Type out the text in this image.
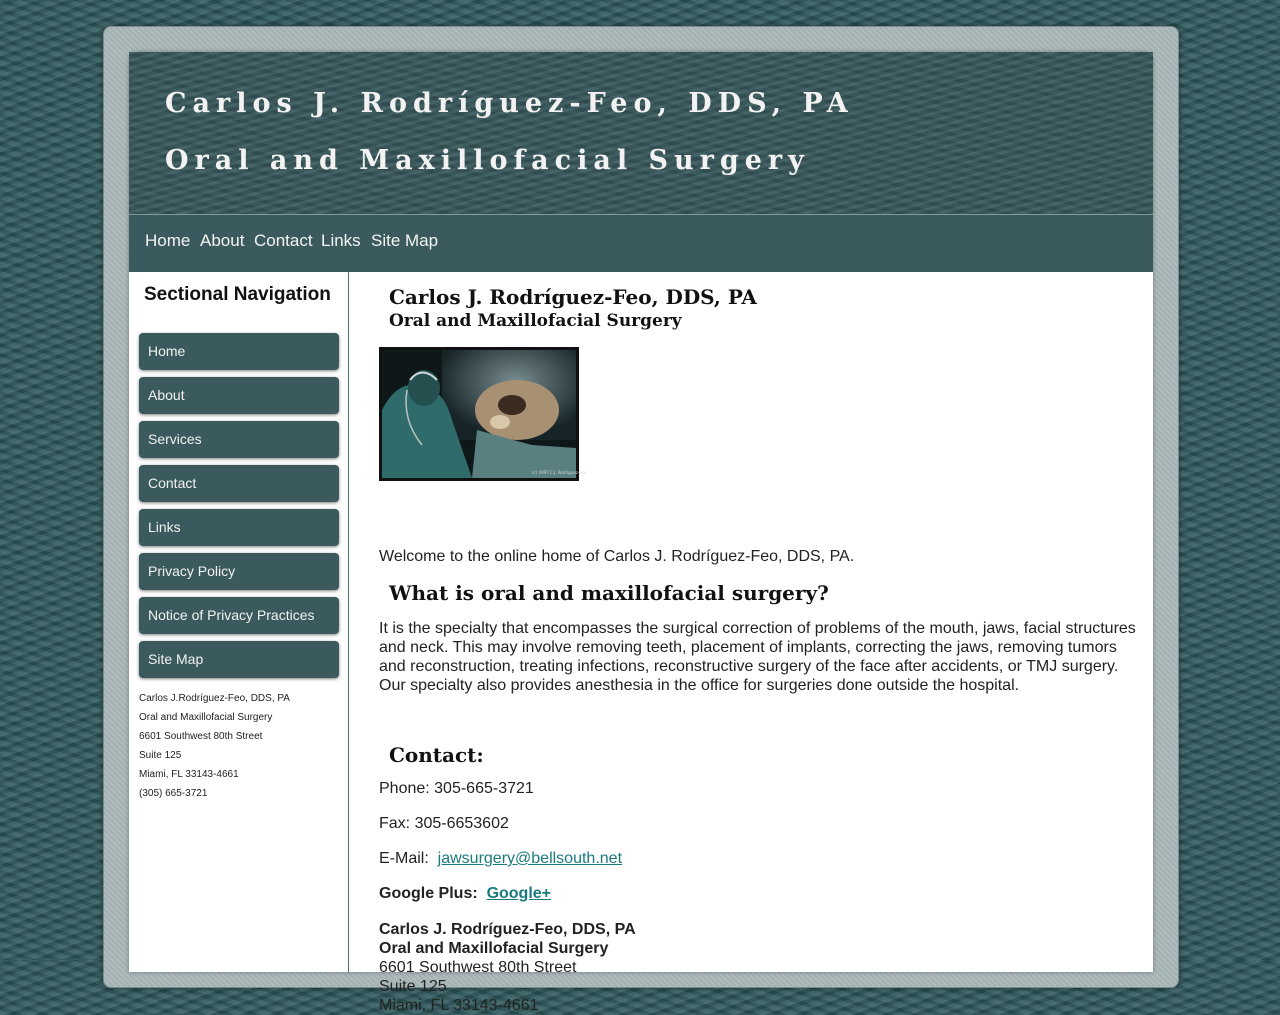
Carlos J. Rodríguez-Feo, DDS, PA
Oral and Maxillofacial Surgery
Home About Contact Links Site Map
Sectional Navigation
Home
About
Services
Contact
Links
Privacy Policy
Notice of Privacy Practices
Site Map
Carlos J.Rodríguez-Feo, DDS, PA
Oral and Maxillofacial Surgery
6601 Southwest 80th Street
Suite 125
Miami, FL 33143-4661
(305) 665-3721
Carlos J. Rodríguez-Feo, DDS, PA
Oral and Maxillofacial Surgery
(c) 1997 C.J. Rodriguez-Feo

Welcome to the online home of Carlos J. Rodríguez-Feo, DDS, PA.

What is oral and maxillofacial surgery?

It is the specialty that encompasses the surgical correction of problems of the mouth, jaws, facial structures and neck. This may involve removing teeth, placement of implants, correcting the jaws, removing tumors and reconstruction, treating infections, reconstructive surgery of the face after accidents, or TMJ surgery. Our specialty also provides anesthesia in the office for surgeries done outside the hospital.

Contact:

Phone: 305-665-3721

Fax: 305-6653602

E-Mail: jawsurgery@bellsouth.net

Google Plus: Google+

Carlos J. Rodríguez-Feo, DDS, PA
Oral and Maxillofacial Surgery
6601 Southwest 80th Street
Suite 125
Miami, FL 33143-4661
